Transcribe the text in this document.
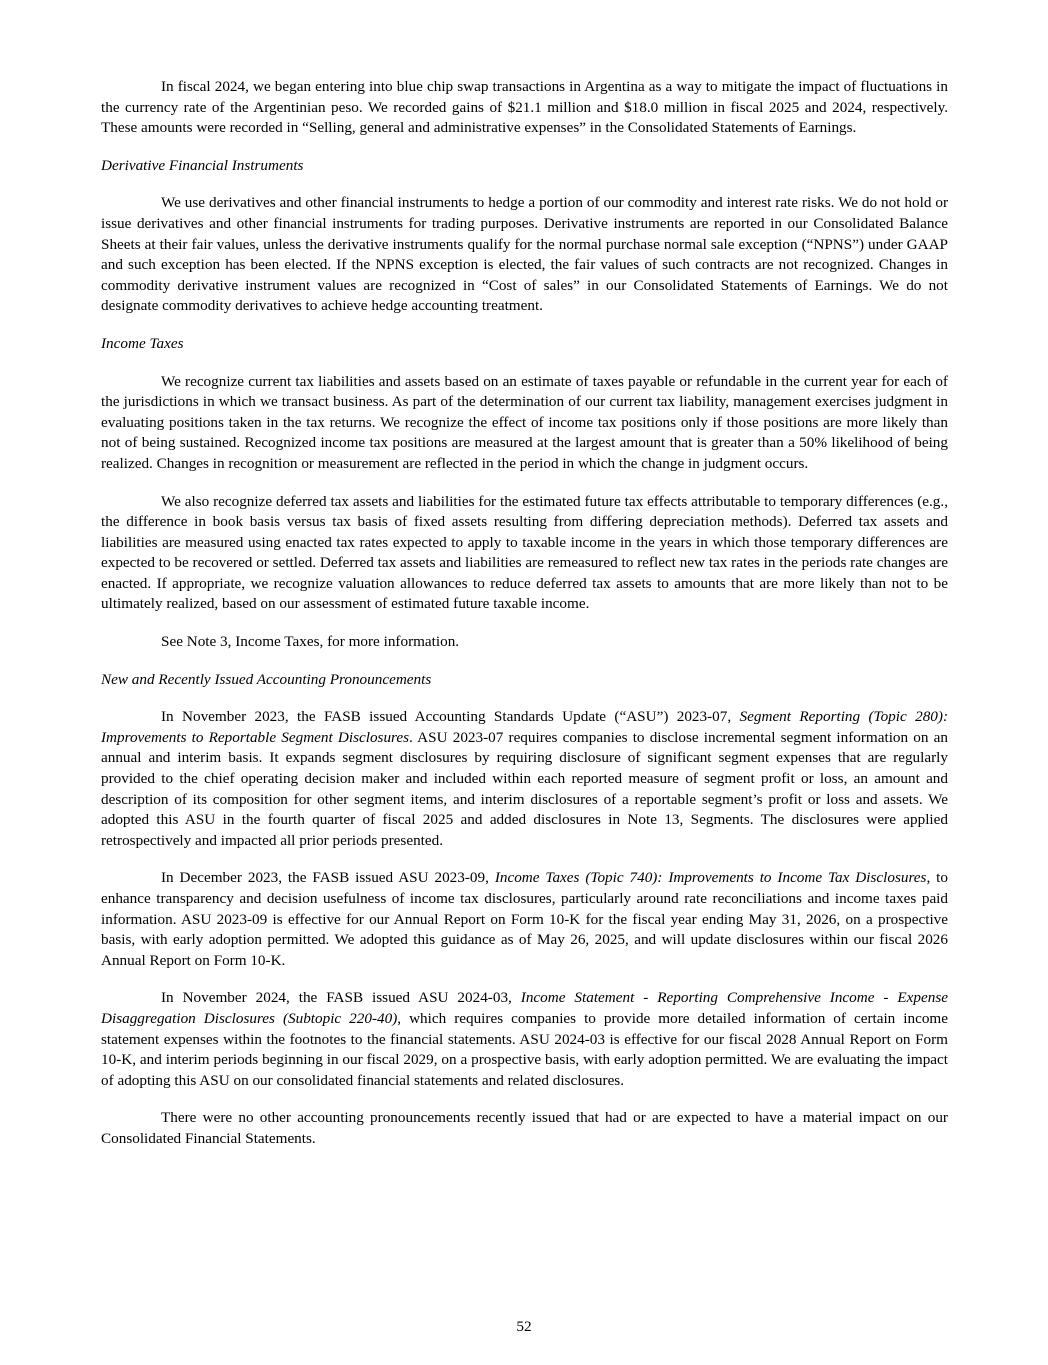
In fiscal 2024, we began entering into blue chip swap transactions in Argentina as a way to mitigate the impact of fluctuations in the currency rate of the Argentinian peso. We recorded gains of $21.1 million and $18.0 million in fiscal 2025 and 2024, respectively. These amounts were recorded in “Selling, general and administrative expenses” in the Consolidated Statements of Earnings.

Derivative Financial Instruments

We use derivatives and other financial instruments to hedge a portion of our commodity and interest rate risks. We do not hold or issue derivatives and other financial instruments for trading purposes. Derivative instruments are reported in our Consolidated Balance Sheets at their fair values, unless the derivative instruments qualify for the normal purchase normal sale exception (“NPNS”) under GAAP and such exception has been elected. If the NPNS exception is elected, the fair values of such contracts are not recognized. Changes in commodity derivative instrument values are recognized in “Cost of sales” in our Consolidated Statements of Earnings. We do not designate commodity derivatives to achieve hedge accounting treatment.

Income Taxes

We recognize current tax liabilities and assets based on an estimate of taxes payable or refundable in the current year for each of the jurisdictions in which we transact business. As part of the determination of our current tax liability, management exercises judgment in evaluating positions taken in the tax returns. We recognize the effect of income tax positions only if those positions are more likely than not of being sustained. Recognized income tax positions are measured at the largest amount that is greater than a 50% likelihood of being realized. Changes in recognition or measurement are reflected in the period in which the change in judgment occurs.

We also recognize deferred tax assets and liabilities for the estimated future tax effects attributable to temporary differences (e.g., the difference in book basis versus tax basis of fixed assets resulting from differing depreciation methods). Deferred tax assets and liabilities are measured using enacted tax rates expected to apply to taxable income in the years in which those temporary differences are expected to be recovered or settled. Deferred tax assets and liabilities are remeasured to reflect new tax rates in the periods rate changes are enacted. If appropriate, we recognize valuation allowances to reduce deferred tax assets to amounts that are more likely than not to be ultimately realized, based on our assessment of estimated future taxable income.

See Note 3, Income Taxes, for more information.

New and Recently Issued Accounting Pronouncements

In November 2023, the FASB issued Accounting Standards Update (“ASU”) 2023-07, Segment Reporting (Topic 280): Improvements to Reportable Segment Disclosures. ASU 2023-07 requires companies to disclose incremental segment information on an annual and interim basis. It expands segment disclosures by requiring disclosure of significant segment expenses that are regularly provided to the chief operating decision maker and included within each reported measure of segment profit or loss, an amount and description of its composition for other segment items, and interim disclosures of a reportable segment’s profit or loss and assets. We adopted this ASU in the fourth quarter of fiscal 2025 and added disclosures in Note 13, Segments. The disclosures were applied retrospectively and impacted all prior periods presented.

In December 2023, the FASB issued ASU 2023-09, Income Taxes (Topic 740): Improvements to Income Tax Disclosures, to enhance transparency and decision usefulness of income tax disclosures, particularly around rate reconciliations and income taxes paid information. ASU 2023-09 is effective for our Annual Report on Form 10-K for the fiscal year ending May 31, 2026, on a prospective basis, with early adoption permitted. We adopted this guidance as of May 26, 2025, and will update disclosures within our fiscal 2026 Annual Report on Form 10-K.

In November 2024, the FASB issued ASU 2024-03, Income Statement - Reporting Comprehensive Income - Expense Disaggregation Disclosures (Subtopic 220-40), which requires companies to provide more detailed information of certain income statement expenses within the footnotes to the financial statements. ASU 2024-03 is effective for our fiscal 2028 Annual Report on Form 10-K, and interim periods beginning in our fiscal 2029, on a prospective basis, with early adoption permitted. We are evaluating the impact of adopting this ASU on our consolidated financial statements and related disclosures.

There were no other accounting pronouncements recently issued that had or are expected to have a material impact on our Consolidated Financial Statements.

52
